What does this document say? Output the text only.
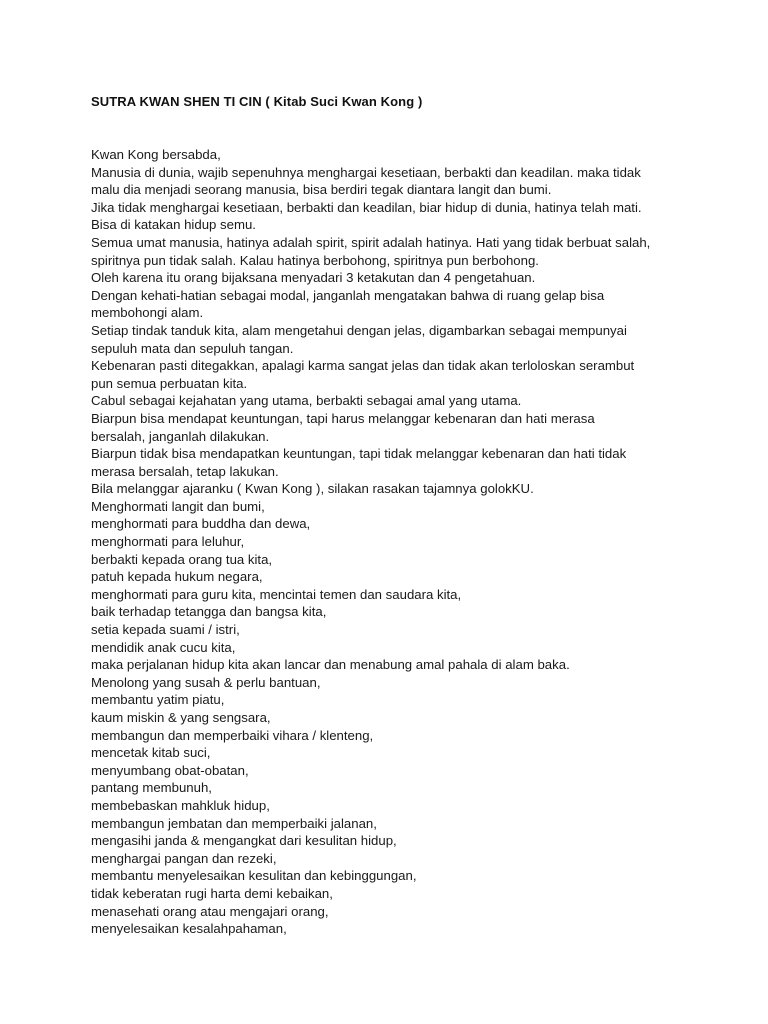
SUTRA KWAN SHEN TI CIN ( Kitab Suci Kwan Kong )

Kwan Kong bersabda,

Manusia di dunia, wajib sepenuhnya menghargai kesetiaan, berbakti dan keadilan. maka tidak

malu dia menjadi seorang manusia, bisa berdiri tegak diantara langit dan bumi.

Jika tidak menghargai kesetiaan, berbakti dan keadilan, biar hidup di dunia, hatinya telah mati.

Bisa di katakan hidup semu.

Semua umat manusia, hatinya adalah spirit, spirit adalah hatinya. Hati yang tidak berbuat salah,

spiritnya pun tidak salah. Kalau hatinya berbohong, spiritnya pun berbohong.

Oleh karena itu orang bijaksana menyadari 3 ketakutan dan 4 pengetahuan.

Dengan kehati-hatian sebagai modal, janganlah mengatakan bahwa di ruang gelap bisa

membohongi alam.

Setiap tindak tanduk kita, alam mengetahui dengan jelas, digambarkan sebagai mempunyai

sepuluh mata dan sepuluh tangan.

Kebenaran pasti ditegakkan, apalagi karma sangat jelas dan tidak akan terloloskan serambut

pun semua perbuatan kita.

Cabul sebagai kejahatan yang utama, berbakti sebagai amal yang utama.

Biarpun bisa mendapat keuntungan, tapi harus melanggar kebenaran dan hati merasa

bersalah, janganlah dilakukan.

Biarpun tidak bisa mendapatkan keuntungan, tapi tidak melanggar kebenaran dan hati tidak

merasa bersalah, tetap lakukan.

Bila melanggar ajaranku ( Kwan Kong ), silakan rasakan tajamnya golokKU.

Menghormati langit dan bumi,

menghormati para buddha dan dewa,

menghormati para leluhur,

berbakti kepada orang tua kita,

patuh kepada hukum negara,

menghormati para guru kita, mencintai temen dan saudara kita,

baik terhadap tetangga dan bangsa kita,

setia kepada suami / istri,

mendidik anak cucu kita,

maka perjalanan hidup kita akan lancar dan menabung amal pahala di alam baka.

Menolong yang susah & perlu bantuan,

membantu yatim piatu,

kaum miskin & yang sengsara,

membangun dan memperbaiki vihara / klenteng,

mencetak kitab suci,

menyumbang obat-obatan,

pantang membunuh,

membebaskan mahkluk hidup,

membangun jembatan dan memperbaiki jalanan,

mengasihi janda & mengangkat dari kesulitan hidup,

menghargai pangan dan rezeki,

membantu menyelesaikan kesulitan dan kebinggungan,

tidak keberatan rugi harta demi kebaikan,

menasehati orang atau mengajari orang,

menyelesaikan kesalahpahaman,
